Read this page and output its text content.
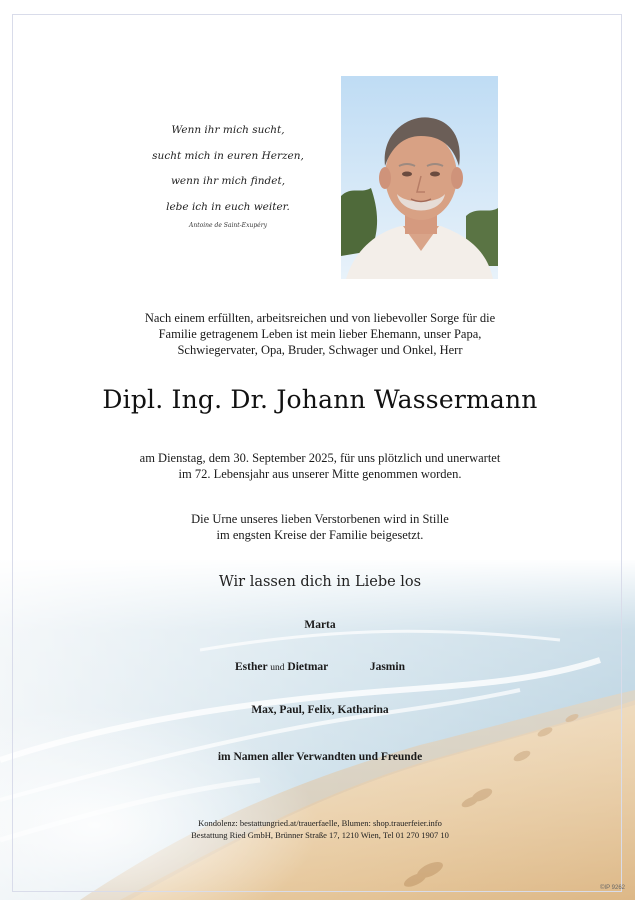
Wenn ihr mich sucht,
sucht mich in euren Herzen,
wenn ihr mich findet,
lebe ich in euch weiter.
Antoine de Saint-Exupéry
Nach einem erfüllten, arbeitsreichen und von liebevoller Sorge für die
Familie getragenem Leben ist mein lieber Ehemann, unser Papa,
Schwiegervater, Opa, Bruder, Schwager und Onkel, Herr
Dipl. Ing. Dr. Johann Wassermann
am Dienstag, dem 30. September 2025, für uns plötzlich und unerwartet
im 72. Lebensjahr aus unserer Mitte genommen worden.
Die Urne unseres lieben Verstorbenen wird in Stille
im engsten Kreise der Familie beigesetzt.
Wir lassen dich in Liebe los
Marta
Esther und Dietmar	Jasmin
Max, Paul, Felix, Katharina
im Namen aller Verwandten und Freunde
Kondolenz: bestattungried.at/trauerfaelle, Blumen: shop.trauerfeier.info
Bestattung Ried GmbH, Brünner Straße 17, 1210 Wien, Tel 01 270 1907 10
©IP 9262
